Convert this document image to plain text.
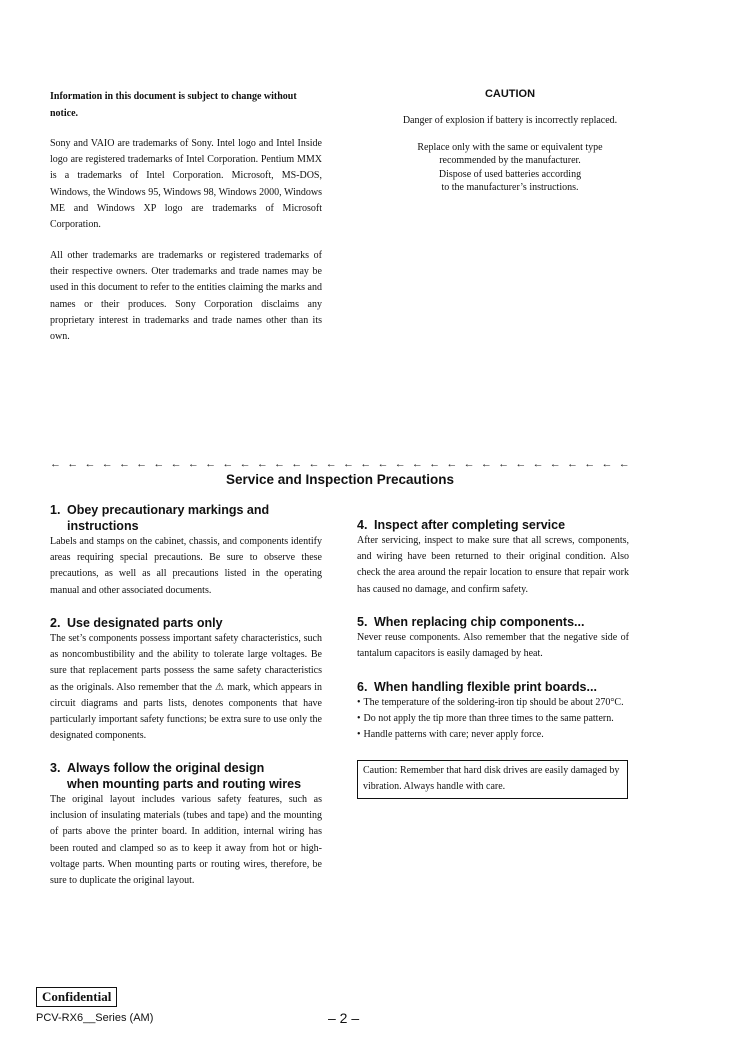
Information in this document is subject to change without notice.

Sony and VAIO are trademarks of Sony. Intel logo and Intel Inside logo are registered trademarks of Intel Corporation. Pentium MMX is a trademarks of Intel Corporation. Microsoft, MS-DOS, Windows, the Windows 95, Windows 98, Windows 2000, Windows ME and Windows XP logo are trademarks of Microsoft Corporation.

All other trademarks are trademarks or registered trademarks of their respective owners. Oter trademarks and trade names may be used in this document to refer to the entities claiming the marks and names or their produces. Sony Corporation disclaims any proprietary interest in trademarks and trade names other than its own.

CAUTION

Danger of explosion if battery is incorrectly replaced.

Replace only with the same or equivalent type

recommended by the manufacturer.

Dispose of used batteries according

to the manufacturer’s instructions.

← ← ← ← ← ← ← ← ← ← ← ← ← ← ← ← ← ← ← ← ← ← ← ← ← ← ← ← ← ← ← ← ← ←
Service and Inspection Precautions
1. Obey precautionary markings and
instructions

Labels and stamps on the cabinet, chassis, and components identify areas requiring special precautions. Be sure to observe these precautions, as well as all precautions listed in the operating manual and other associated documents.

2. Use designated parts only

The set’s components possess important safety characteristics, such as noncombustibility and the ability to tolerate large voltages. Be sure that replacement parts possess the same safety characteristics as the originals. Also remember that the ⚠ mark, which appears in circuit diagrams and parts lists, denotes components that have particularly important safety functions; be extra sure to use only the designated components.

3. Always follow the original design
when mounting parts and routing wires

The original layout includes various safety features, such as inclusion of insulating materials (tubes and tape) and the mounting of parts above the printer board. In addition, internal wiring has been routed and clamped so as to keep it away from hot or high-voltage parts. When mounting parts or routing wires, therefore, be sure to duplicate the original layout.

4. Inspect after completing service

After servicing, inspect to make sure that all screws, components, and wiring have been returned to their original condition. Also check the area around the repair location to ensure that repair work has caused no damage, and confirm safety.

5. When replacing chip components...

Never reuse components. Also remember that the negative side of tantalum capacitors is easily damaged by heat.

6. When handling flexible print boards...
• The temperature of the soldering-iron tip should be about 270°C.
• Do not apply the tip more than three times to the same pattern.
• Handle patterns with care; never apply force.
Caution: Remember that hard disk drives are easily damaged by vibration. Always handle with care.
Confidential
PCV-RX6__Series (AM)	– 2 –
